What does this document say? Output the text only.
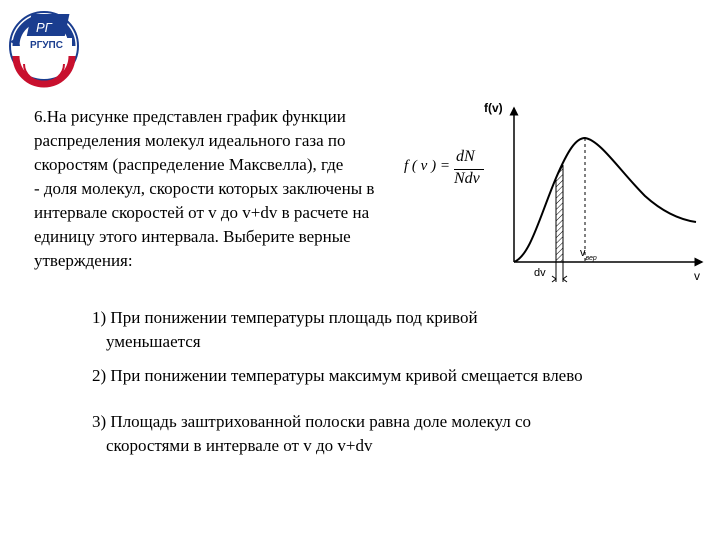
РГ
РГУПС
6.На рисунке представлен график функции
распределения молекул идеального газа по
скоростям (распределение Максвелла), где
- доля молекул, скорости которых заключены в
интервале скоростей от v до v+dv в расчете на
единицу этого интервала. Выберите верные
утверждения:
f ( v ) =
dN
Ndv
f(v)
v
dv
$v_{вер}$
1) При понижении температуры площадь под кривой
уменьшается
2) При понижении температуры максимум кривой смещается влево
3) Площадь заштрихованной полоски равна доле молекул со
скоростями в интервале от v до v+dv
